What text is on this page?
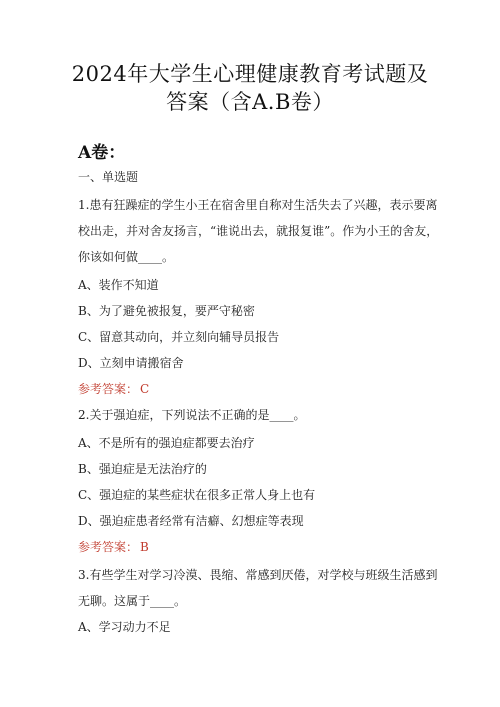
2024年大学生心理健康教育考试题及
答案（含A.B卷）
A卷：
一、单选题
1.患有狂躁症的学生小王在宿舍里自称对生活失去了兴趣，表示要离
校出走，并对舍友扬言，“谁说出去，就报复谁”。作为小王的舍友，
你该如何做____。
A、装作不知道
B、为了避免被报复，要严守秘密
C、留意其动向，并立刻向辅导员报告
D、立刻申请搬宿舍
参考答案： C
2.关于强迫症，下列说法不正确的是____。
A、不是所有的强迫症都要去治疗
B、强迫症是无法治疗的
C、强迫症的某些症状在很多正常人身上也有
D、强迫症患者经常有洁癖、幻想症等表现
参考答案： B
3.有些学生对学习冷漠、畏缩、常感到厌倦，对学校与班级生活感到
无聊。这属于____。
A、学习动力不足
